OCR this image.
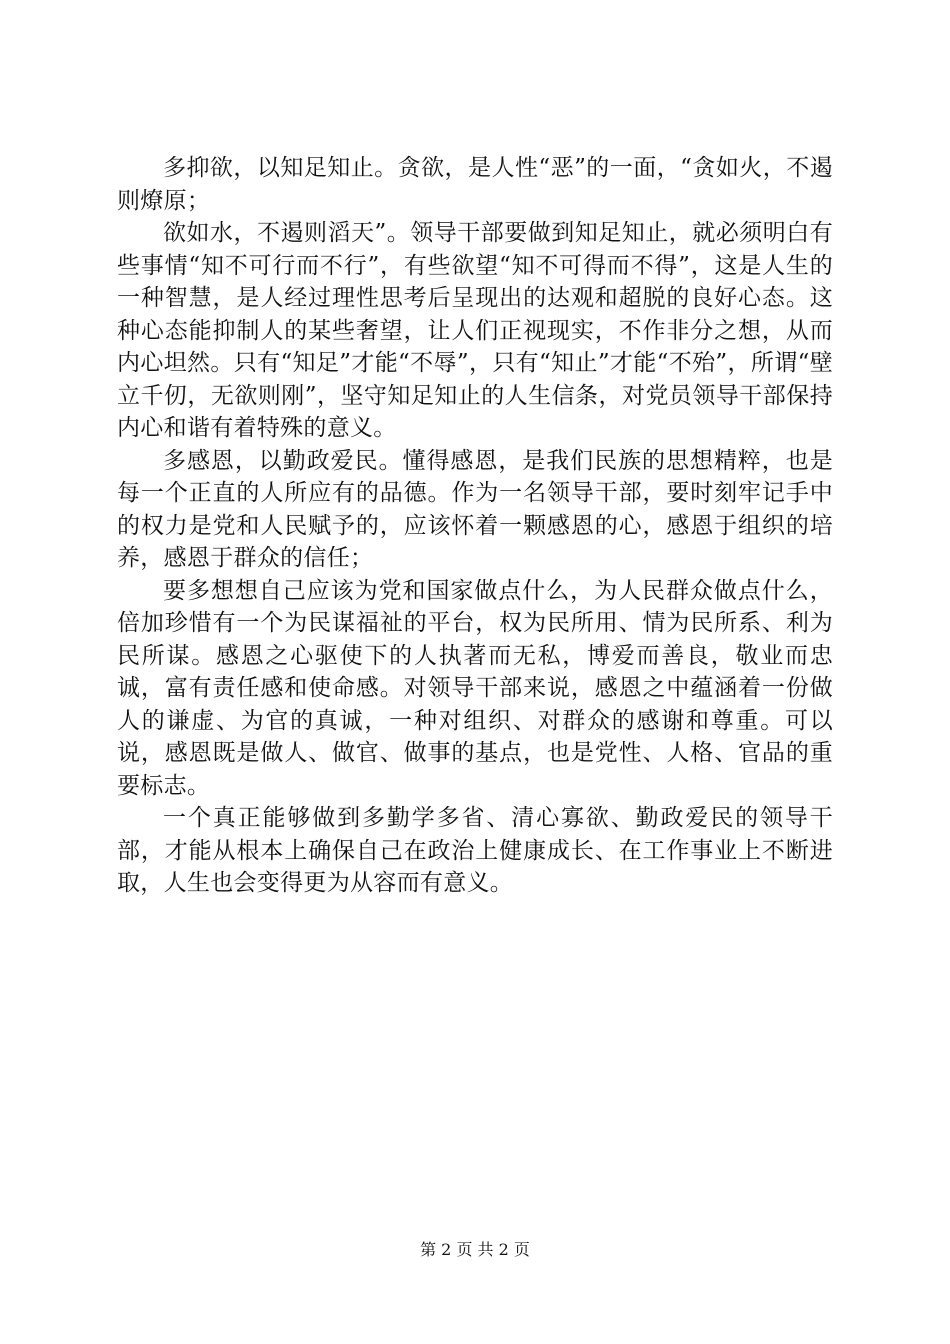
多抑欲，以知足知止。贪欲，是人性“恶”的一面，“贪如火，不遏则燎原；

欲如水，不遏则滔天”。领导干部要做到知足知止，就必须明白有些事情“知不可行而不行”，有些欲望“知不可得而不得”，这是人生的一种智慧，是人经过理性思考后呈现出的达观和超脱的良好心态。这种心态能抑制人的某些奢望，让人们正视现实，不作非分之想，从而内心坦然。只有“知足”才能“不辱”，只有“知止”才能“不殆”，所谓“壁立千仞，无欲则刚”，坚守知足知止的人生信条，对党员领导干部保持内心和谐有着特殊的意义。

多感恩，以勤政爱民。懂得感恩，是我们民族的思想精粹，也是每一个正直的人所应有的品德。作为一名领导干部，要时刻牢记手中的权力是党和人民赋予的，应该怀着一颗感恩的心，感恩于组织的培养，感恩于群众的信任；

要多想想自己应该为党和国家做点什么，为人民群众做点什么，倍加珍惜有一个为民谋福祉的平台，权为民所用、情为民所系、利为民所谋。感恩之心驱使下的人执著而无私，博爱而善良，敬业而忠诚，富有责任感和使命感。对领导干部来说，感恩之中蕴涵着一份做人的谦虚、为官的真诚，一种对组织、对群众的感谢和尊重。可以说，感恩既是做人、做官、做事的基点，也是党性、人格、官品的重要标志。

一个真正能够做到多勤学多省、清心寡欲、勤政爱民的领导干部，才能从根本上确保自己在政治上健康成长、在工作事业上不断进取，人生也会变得更为从容而有意义。

第 2 页 共 2 页
